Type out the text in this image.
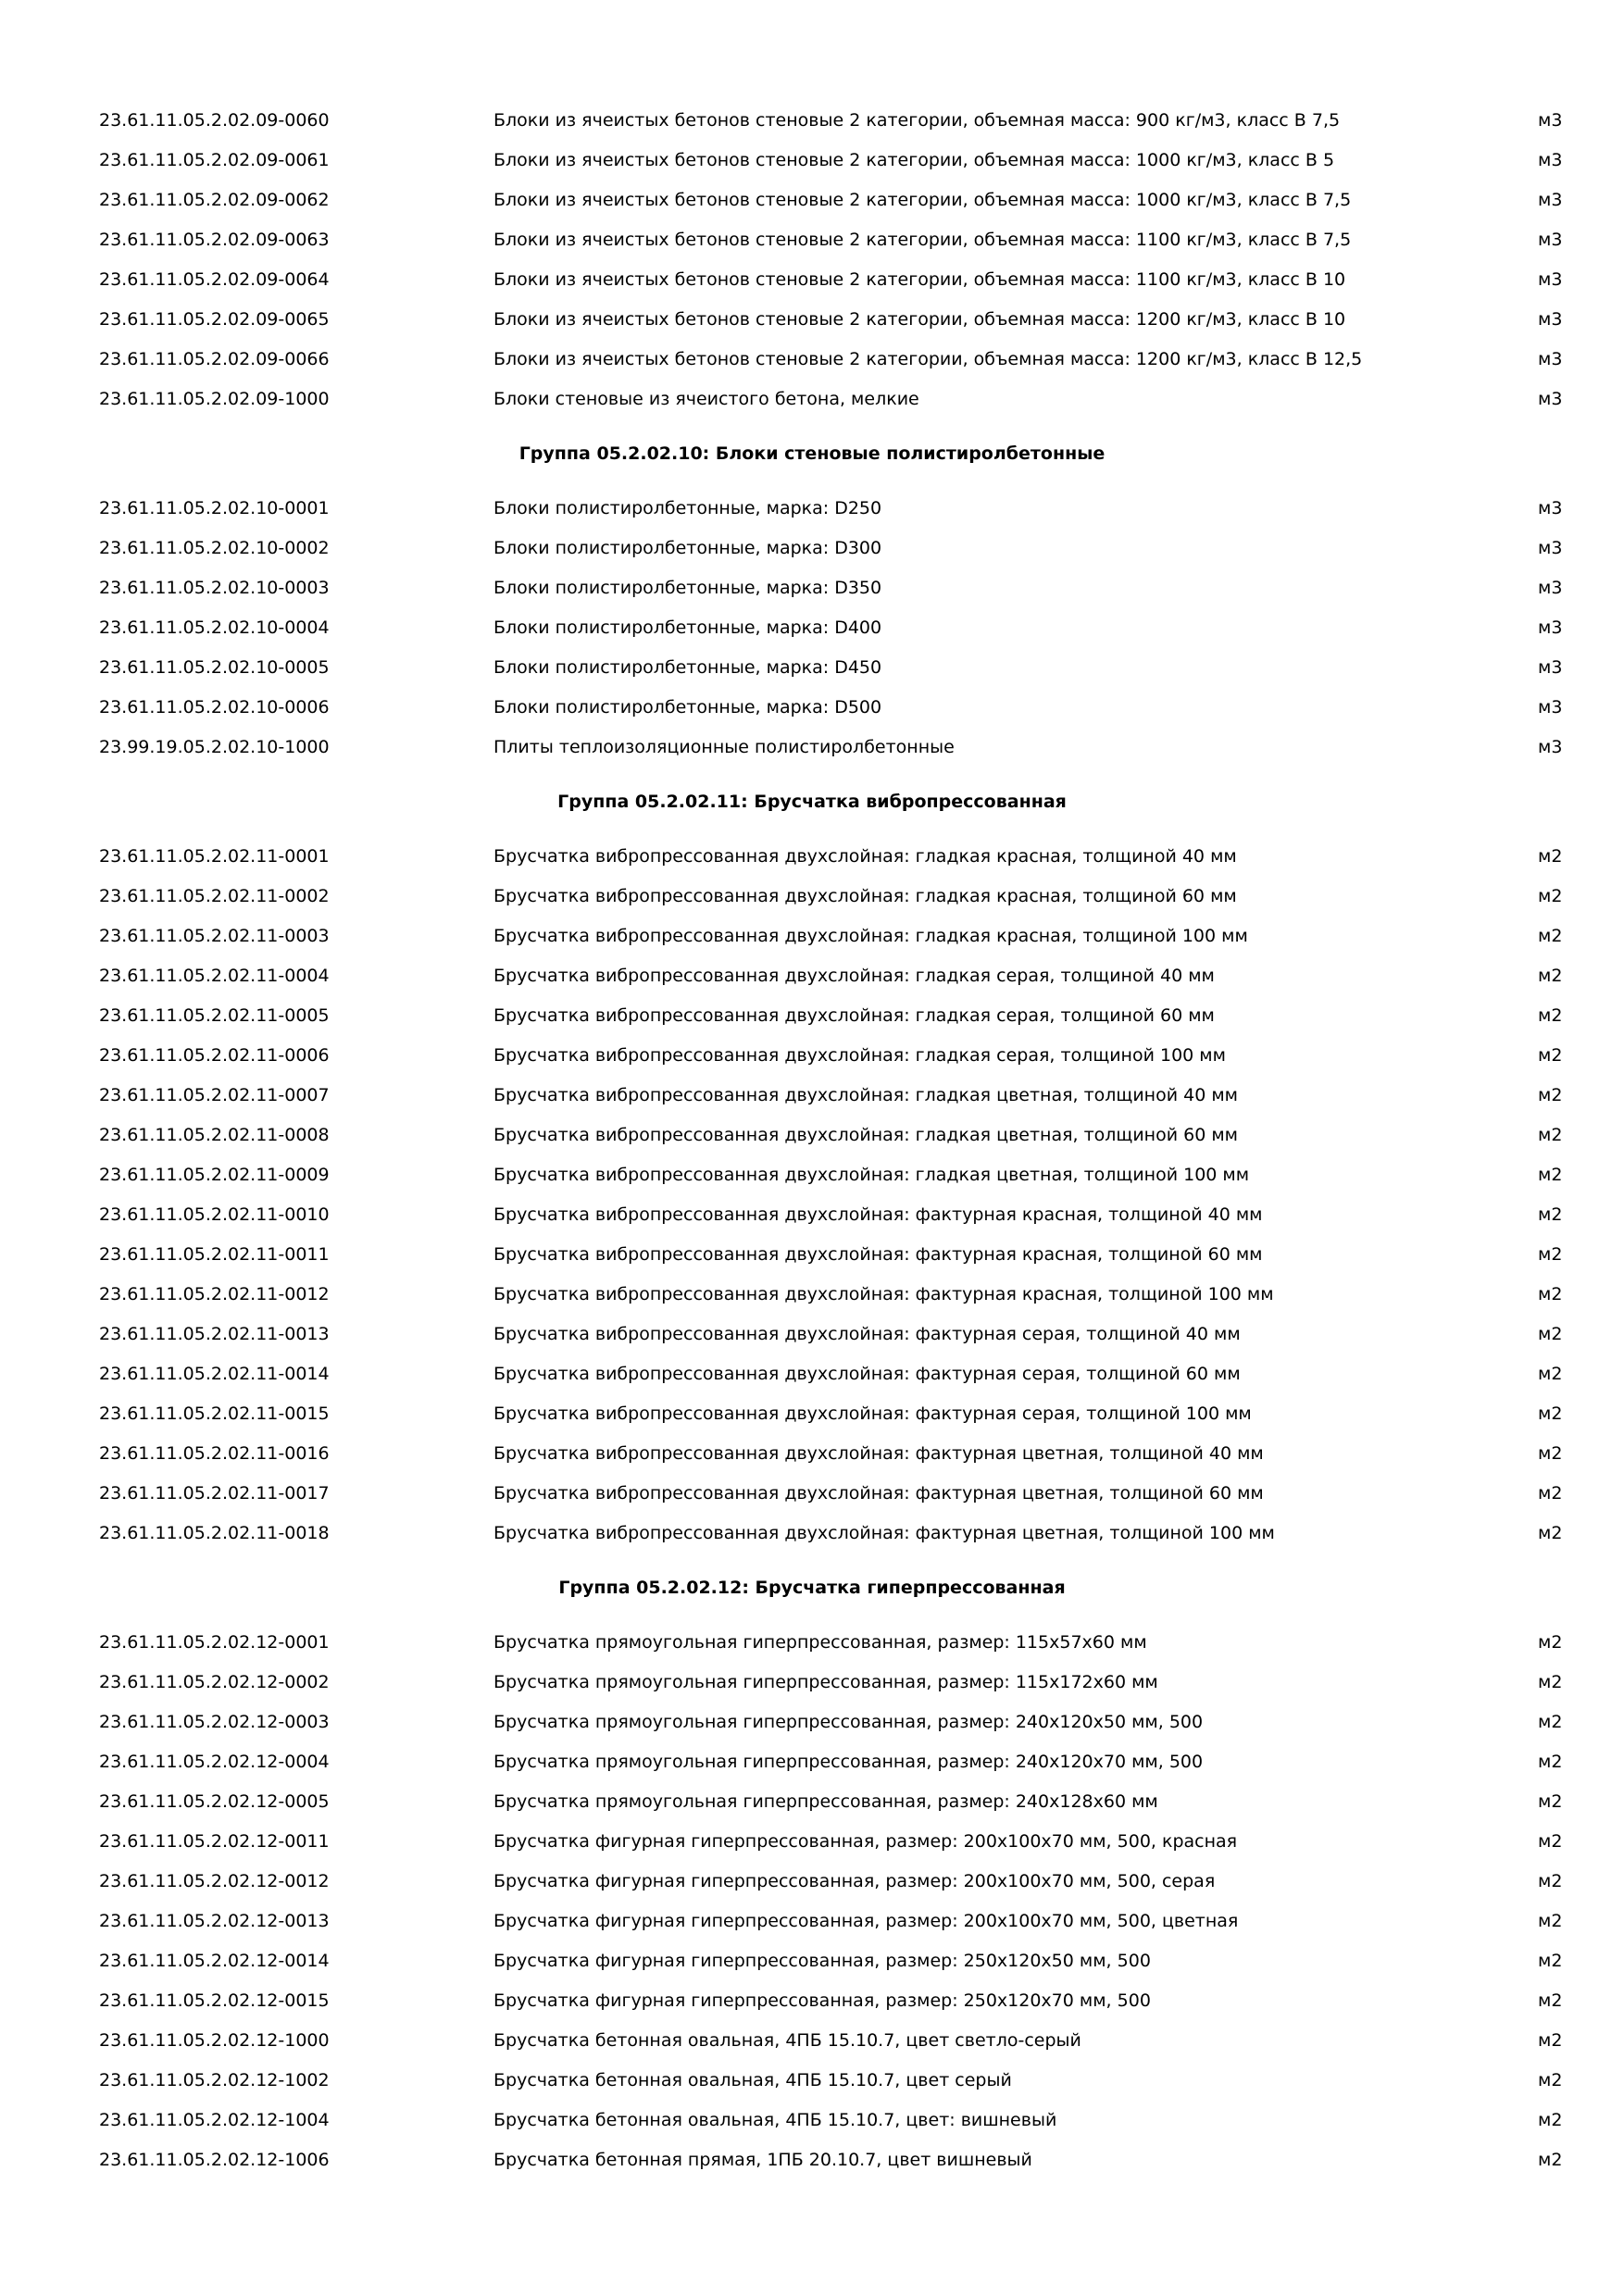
23.61.11.05.2.02.09-0060	Блоки из ячеистых бетонов стеновые 2 категории, объемная масса: 900 кг/м3, класс В 7,5	м3
23.61.11.05.2.02.09-0061	Блоки из ячеистых бетонов стеновые 2 категории, объемная масса: 1000 кг/м3, класс В 5	м3
23.61.11.05.2.02.09-0062	Блоки из ячеистых бетонов стеновые 2 категории, объемная масса: 1000 кг/м3, класс В 7,5	м3
23.61.11.05.2.02.09-0063	Блоки из ячеистых бетонов стеновые 2 категории, объемная масса: 1100 кг/м3, класс В 7,5	м3
23.61.11.05.2.02.09-0064	Блоки из ячеистых бетонов стеновые 2 категории, объемная масса: 1100 кг/м3, класс В 10	м3
23.61.11.05.2.02.09-0065	Блоки из ячеистых бетонов стеновые 2 категории, объемная масса: 1200 кг/м3, класс В 10	м3
23.61.11.05.2.02.09-0066	Блоки из ячеистых бетонов стеновые 2 категории, объемная масса: 1200 кг/м3, класс В 12,5	м3
23.61.11.05.2.02.09-1000	Блоки стеновые из ячеистого бетона, мелкие	м3
Группа 05.2.02.10: Блоки стеновые полистиролбетонные
23.61.11.05.2.02.10-0001	Блоки полистиролбетонные, марка: D250	м3
23.61.11.05.2.02.10-0002	Блоки полистиролбетонные, марка: D300	м3
23.61.11.05.2.02.10-0003	Блоки полистиролбетонные, марка: D350	м3
23.61.11.05.2.02.10-0004	Блоки полистиролбетонные, марка: D400	м3
23.61.11.05.2.02.10-0005	Блоки полистиролбетонные, марка: D450	м3
23.61.11.05.2.02.10-0006	Блоки полистиролбетонные, марка: D500	м3
23.99.19.05.2.02.10-1000	Плиты теплоизоляционные полистиролбетонные	м3
Группа 05.2.02.11: Брусчатка вибропрессованная
23.61.11.05.2.02.11-0001	Брусчатка вибропрессованная двухслойная: гладкая красная, толщиной 40 мм	м2
23.61.11.05.2.02.11-0002	Брусчатка вибропрессованная двухслойная: гладкая красная, толщиной 60 мм	м2
23.61.11.05.2.02.11-0003	Брусчатка вибропрессованная двухслойная: гладкая красная, толщиной 100 мм	м2
23.61.11.05.2.02.11-0004	Брусчатка вибропрессованная двухслойная: гладкая серая, толщиной 40 мм	м2
23.61.11.05.2.02.11-0005	Брусчатка вибропрессованная двухслойная: гладкая серая, толщиной 60 мм	м2
23.61.11.05.2.02.11-0006	Брусчатка вибропрессованная двухслойная: гладкая серая, толщиной 100 мм	м2
23.61.11.05.2.02.11-0007	Брусчатка вибропрессованная двухслойная: гладкая цветная, толщиной 40 мм	м2
23.61.11.05.2.02.11-0008	Брусчатка вибропрессованная двухслойная: гладкая цветная, толщиной 60 мм	м2
23.61.11.05.2.02.11-0009	Брусчатка вибропрессованная двухслойная: гладкая цветная, толщиной 100 мм	м2
23.61.11.05.2.02.11-0010	Брусчатка вибропрессованная двухслойная: фактурная красная, толщиной 40 мм	м2
23.61.11.05.2.02.11-0011	Брусчатка вибропрессованная двухслойная: фактурная красная, толщиной 60 мм	м2
23.61.11.05.2.02.11-0012	Брусчатка вибропрессованная двухслойная: фактурная красная, толщиной 100 мм	м2
23.61.11.05.2.02.11-0013	Брусчатка вибропрессованная двухслойная: фактурная серая, толщиной 40 мм	м2
23.61.11.05.2.02.11-0014	Брусчатка вибропрессованная двухслойная: фактурная серая, толщиной 60 мм	м2
23.61.11.05.2.02.11-0015	Брусчатка вибропрессованная двухслойная: фактурная серая, толщиной 100 мм	м2
23.61.11.05.2.02.11-0016	Брусчатка вибропрессованная двухслойная: фактурная цветная, толщиной 40 мм	м2
23.61.11.05.2.02.11-0017	Брусчатка вибропрессованная двухслойная: фактурная цветная, толщиной 60 мм	м2
23.61.11.05.2.02.11-0018	Брусчатка вибропрессованная двухслойная: фактурная цветная, толщиной 100 мм	м2
Группа 05.2.02.12: Брусчатка гиперпрессованная
23.61.11.05.2.02.12-0001	Брусчатка прямоугольная гиперпрессованная, размер: 115х57х60 мм	м2
23.61.11.05.2.02.12-0002	Брусчатка прямоугольная гиперпрессованная, размер: 115х172х60 мм	м2
23.61.11.05.2.02.12-0003	Брусчатка прямоугольная гиперпрессованная, размер: 240х120х50 мм, 500	м2
23.61.11.05.2.02.12-0004	Брусчатка прямоугольная гиперпрессованная, размер: 240х120х70 мм, 500	м2
23.61.11.05.2.02.12-0005	Брусчатка прямоугольная гиперпрессованная, размер: 240х128х60 мм	м2
23.61.11.05.2.02.12-0011	Брусчатка фигурная гиперпрессованная, размер: 200х100х70 мм, 500, красная	м2
23.61.11.05.2.02.12-0012	Брусчатка фигурная гиперпрессованная, размер: 200х100х70 мм, 500, серая	м2
23.61.11.05.2.02.12-0013	Брусчатка фигурная гиперпрессованная, размер: 200х100х70 мм, 500, цветная	м2
23.61.11.05.2.02.12-0014	Брусчатка фигурная гиперпрессованная, размер: 250х120х50 мм, 500	м2
23.61.11.05.2.02.12-0015	Брусчатка фигурная гиперпрессованная, размер: 250х120х70 мм, 500	м2
23.61.11.05.2.02.12-1000	Брусчатка бетонная овальная, 4ПБ 15.10.7, цвет светло-серый	м2
23.61.11.05.2.02.12-1002	Брусчатка бетонная овальная, 4ПБ 15.10.7, цвет серый	м2
23.61.11.05.2.02.12-1004	Брусчатка бетонная овальная, 4ПБ 15.10.7, цвет: вишневый	м2
23.61.11.05.2.02.12-1006	Брусчатка бетонная прямая, 1ПБ 20.10.7, цвет вишневый	м2
